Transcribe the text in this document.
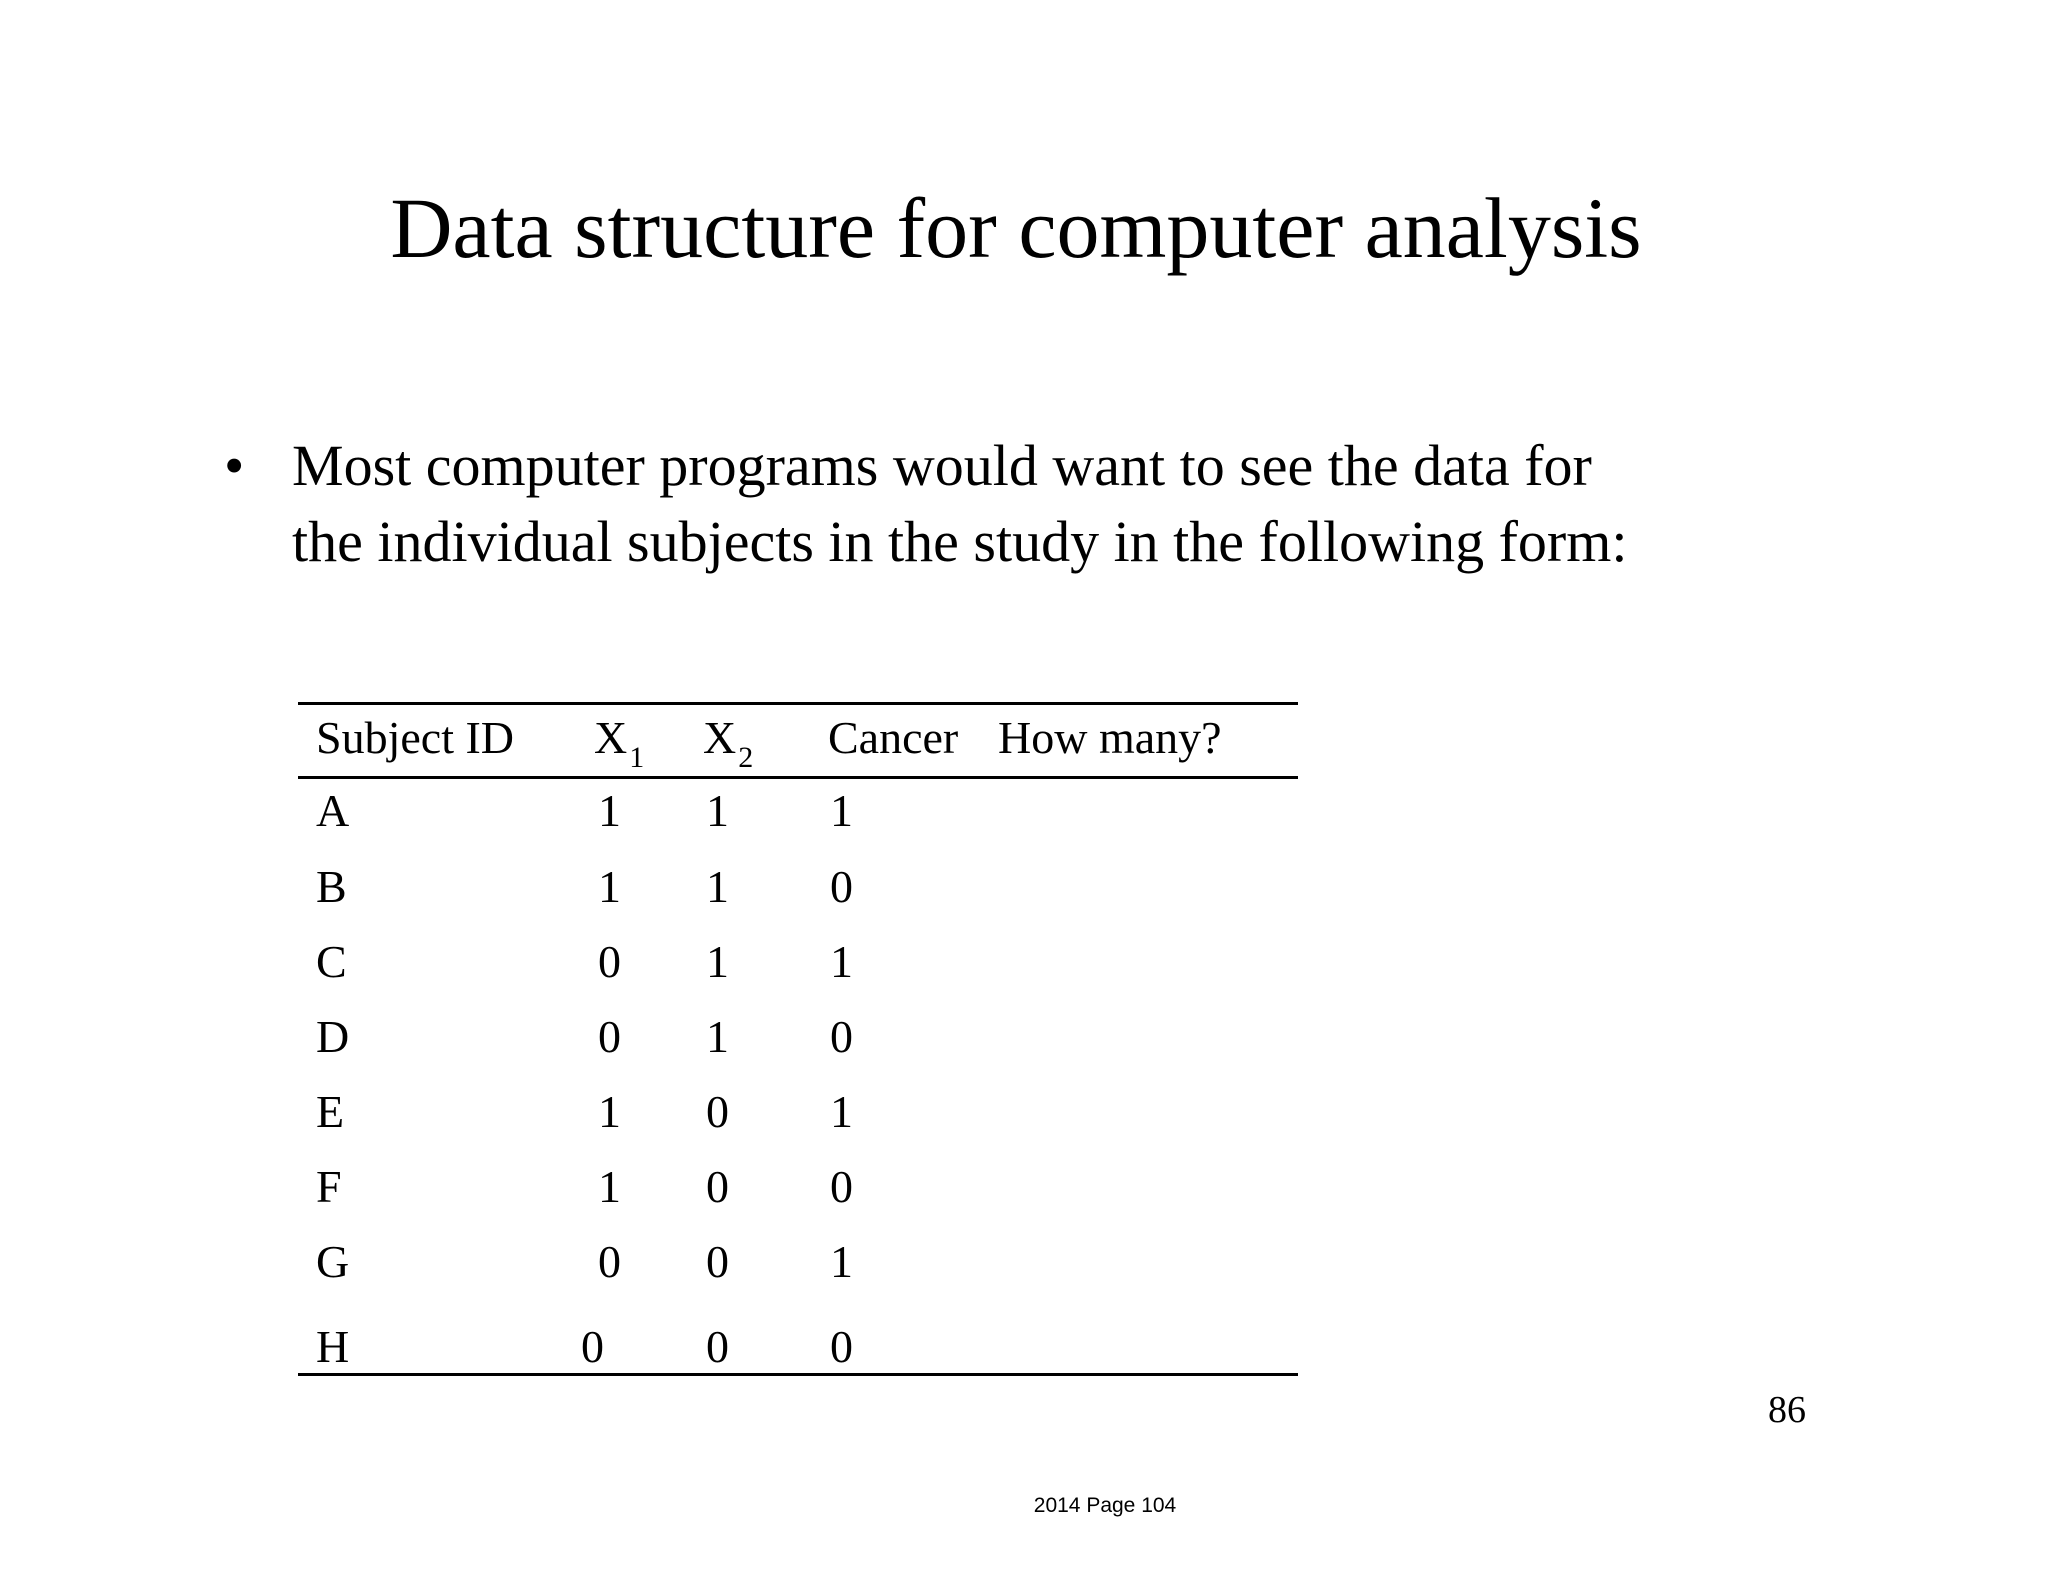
Data structure for computer analysis
• Most computer programs would want to see the data for
the individual subjects in the study in the following form:
Subject ID $X_1$ $X_2$ Cancer How many?
A	1 1 1
B	1 1 0
C	0 1 1
D	0 1 0
E	1 0 1
F	1 0 0
G	0 0 1
H	0 0 0
86
2014 Page 104
